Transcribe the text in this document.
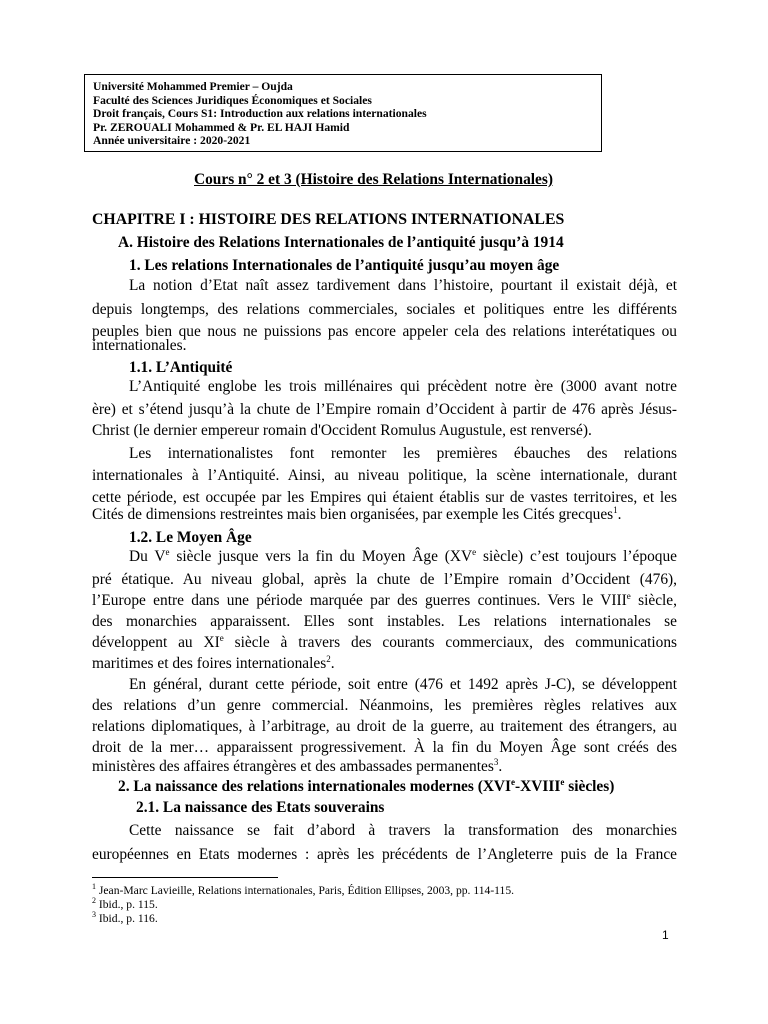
Université Mohammed Premier – Oujda
Faculté des Sciences Juridiques Économiques et Sociales
Droit français, Cours S1: Introduction aux relations internationales
Pr. ZEROUALI Mohammed & Pr. EL HAJI Hamid
Année universitaire : 2020-2021
Cours n° 2 et 3 (Histoire des Relations Internationales)
CHAPITRE I : HISTOIRE DES RELATIONS INTERNATIONALES
A. Histoire des Relations Internationales de l’antiquité jusqu’à 1914
1. Les relations Internationales de l’antiquité jusqu’au moyen âge
La notion d’Etat naît assez tardivement dans l’histoire, pourtant il existait déjà, et
depuis longtemps, des relations commerciales, sociales et politiques entre les différents
peuples bien que nous ne puissions pas encore appeler cela des relations interétatiques ou
internationales.
1.1. L’Antiquité
L’Antiquité englobe les trois millénaires qui précèdent notre ère (3000 avant notre
ère) et s’étend jusqu’à la chute de l’Empire romain d’Occident à partir de 476 après Jésus-
Christ (le dernier empereur romain d'Occident Romulus Augustule, est renversé).
Les internationalistes font remonter les premières ébauches des relations
internationales à l’Antiquité. Ainsi, au niveau politique, la scène internationale, durant
cette période, est occupée par les Empires qui étaient établis sur de vastes territoires, et les
Cités de dimensions restreintes mais bien organisées, par exemple les Cités grecques$^1$.
1.2. Le Moyen Âge
Du Ve siècle jusque vers la fin du Moyen Âge (XVe siècle) c’est toujours l’époque
pré étatique. Au niveau global, après la chute de l’Empire romain d’Occident (476),
l’Europe entre dans une période marquée par des guerres continues. Vers le VIIIe siècle,
des monarchies apparaissent. Elles sont instables. Les relations internationales se
développent au XIe siècle à travers des courants commerciaux, des communications
maritimes et des foires internationales$^2$.
En général, durant cette période, soit entre (476 et 1492 après J-C), se développent
des relations d’un genre commercial. Néanmoins, les premières règles relatives aux
relations diplomatiques, à l’arbitrage, au droit de la guerre, au traitement des étrangers, au
droit de la mer… apparaissent progressivement. À la fin du Moyen Âge sont créés des
ministères des affaires étrangères et des ambassades permanentes$^3$.
2. La naissance des relations internationales modernes (XVIe-XVIIIe siècles)
2.1. La naissance des Etats souverains
Cette naissance se fait d’abord à travers la transformation des monarchies
européennes en Etats modernes : après les précédents de l’Angleterre puis de la France
$^1$ Jean-Marc Lavieille, Relations internationales, Paris, Édition Ellipses, 2003, pp. 114-115.
$^2$ Ibid., p. 115.
$^3$ Ibid., p. 116.
1
